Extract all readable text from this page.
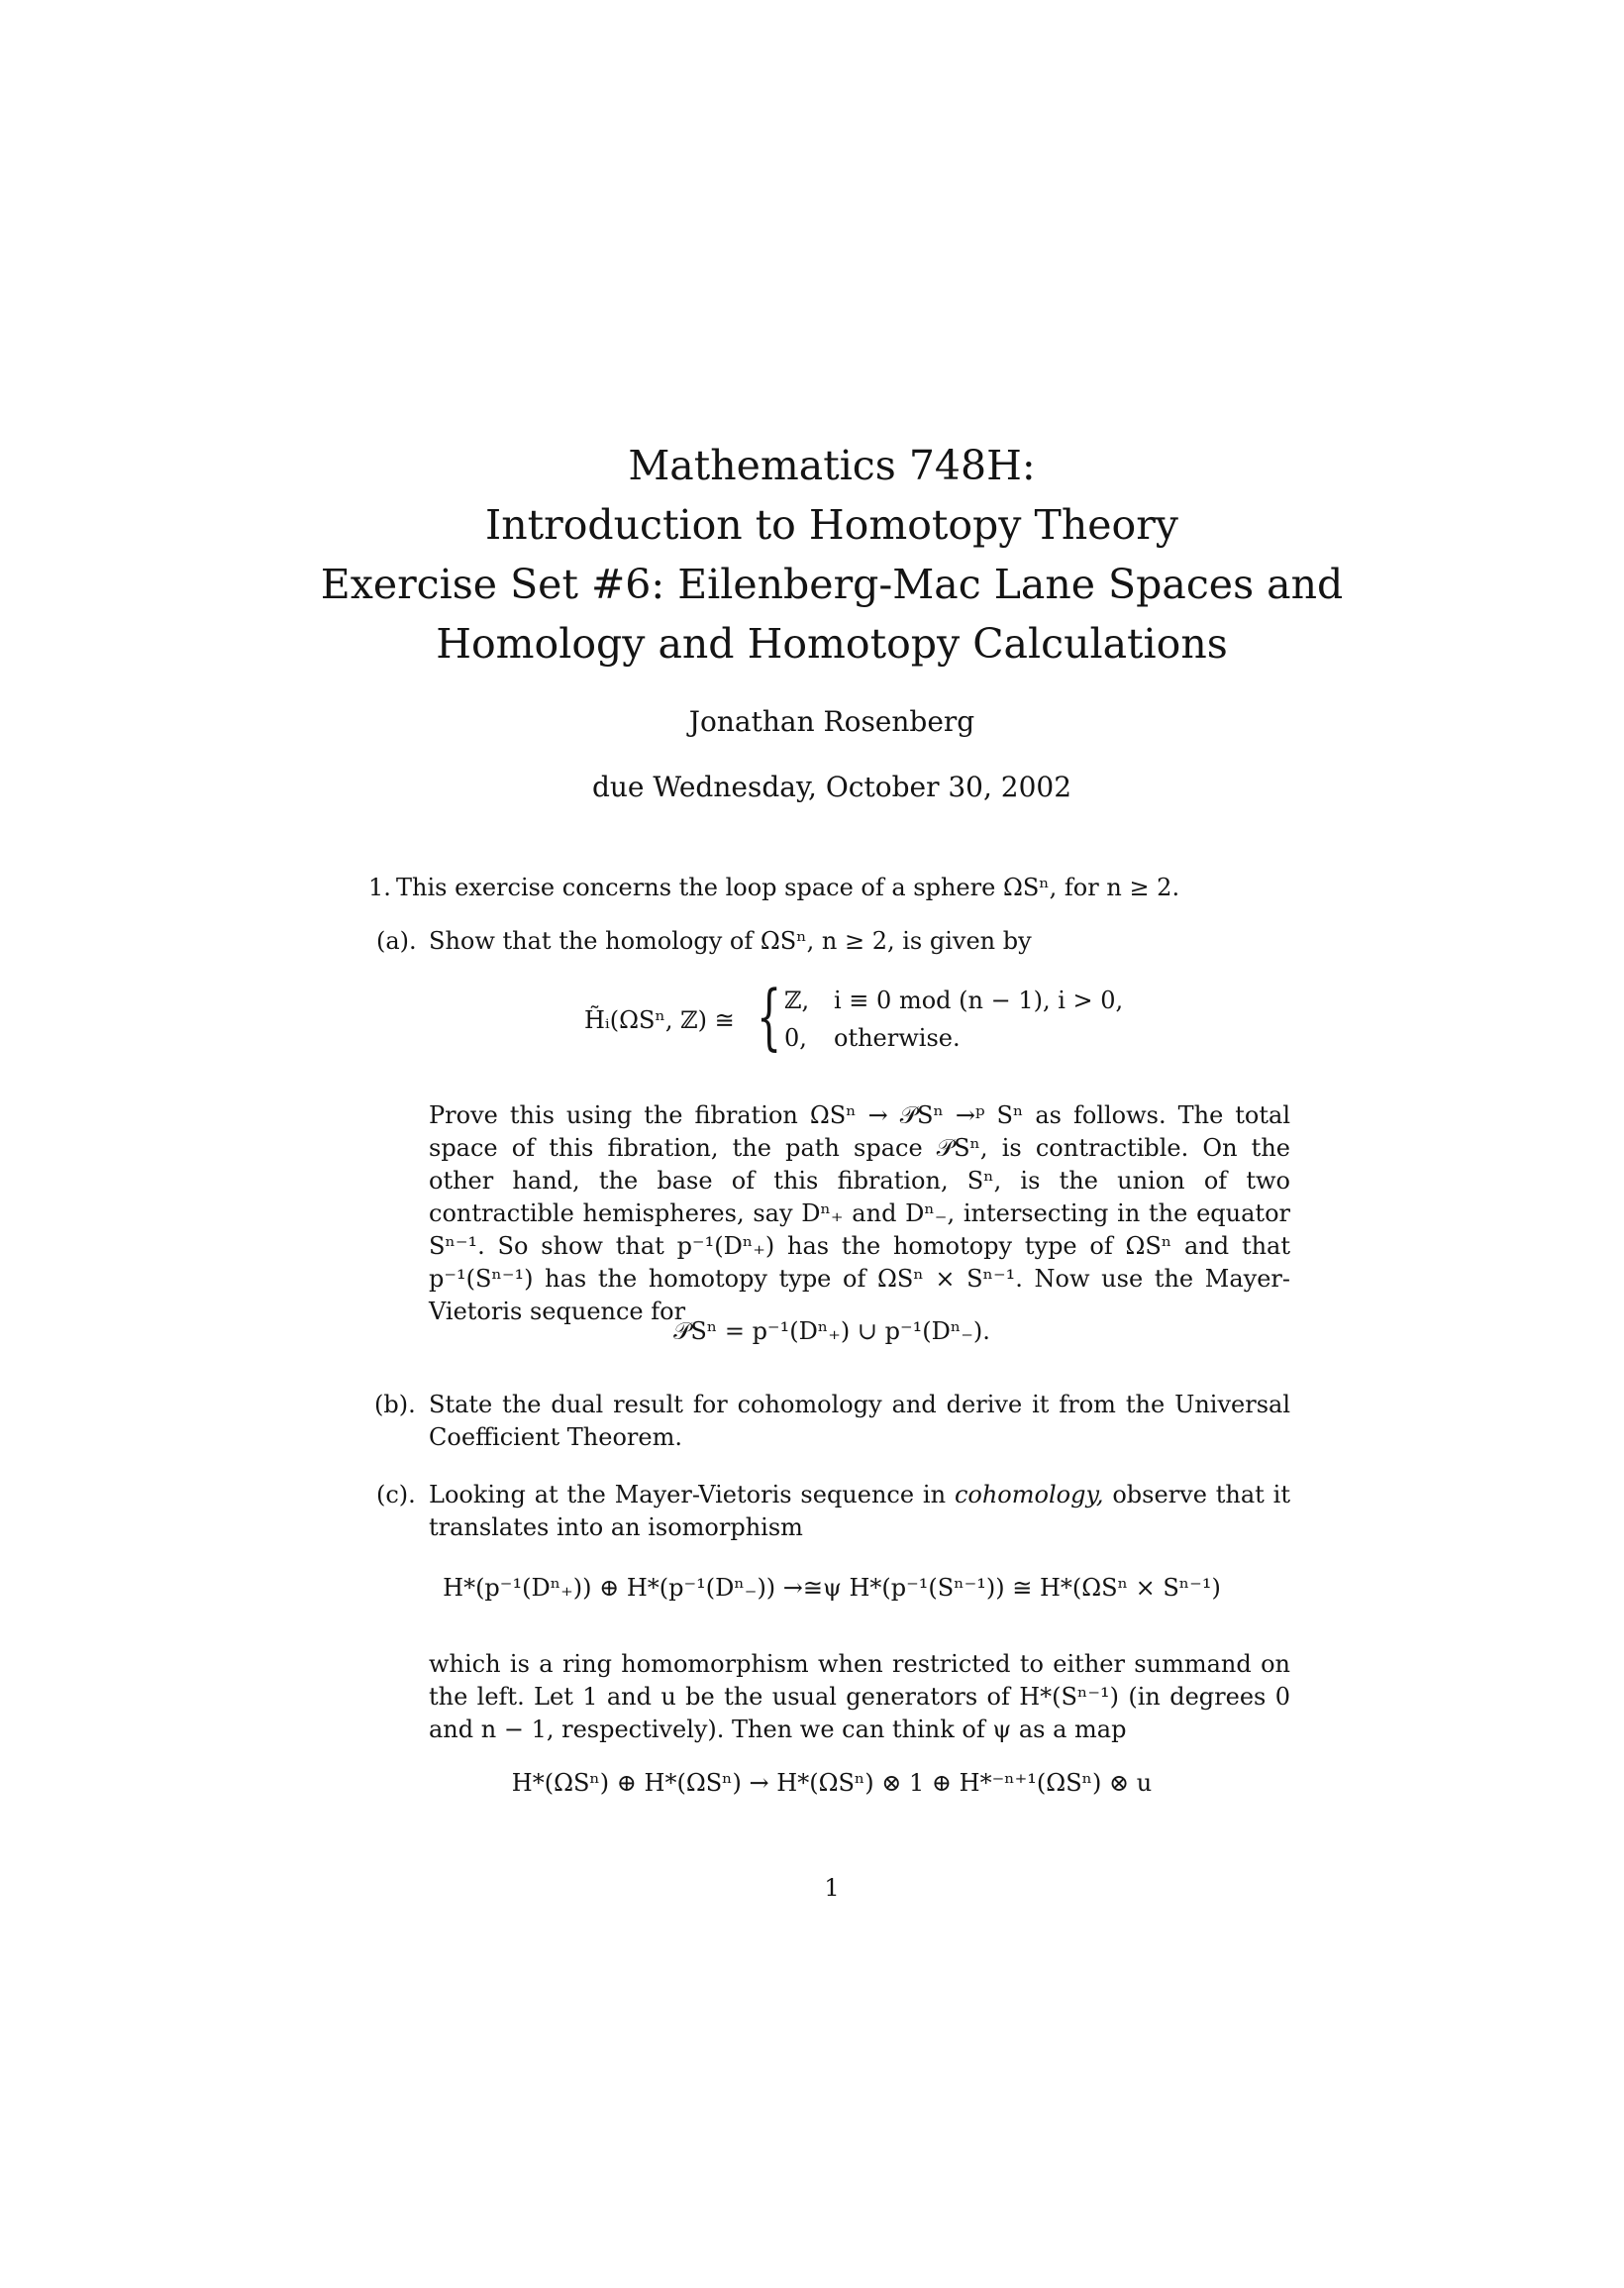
Mathematics 748H:
Introduction to Homotopy Theory
Exercise Set #6: Eilenberg-Mac Lane Spaces and
Homology and Homotopy Calculations
Jonathan Rosenberg
due Wednesday, October 30, 2002
1. This exercise concerns the loop space of a sphere ΩSⁿ, for n ≥ 2.
(a). Show that the homology of ΩSⁿ, n ≥ 2, is given by
H̃ᵢ(ΩSⁿ, ℤ) ≅ { ℤ, i ≡ 0 mod (n − 1), i > 0,
0, otherwise.
Prove this using the fibration ΩSⁿ → 𝒫Sⁿ →ᵖ Sⁿ as follows. The total space of this fibration, the path space 𝒫Sⁿ, is contractible. On the other hand, the base of this fibration, Sⁿ, is the union of two contractible hemispheres, say Dⁿ₊ and Dⁿ₋, intersecting in the equator Sⁿ⁻¹. So show that p⁻¹(Dⁿ₊) has the homotopy type of ΩSⁿ and that p⁻¹(Sⁿ⁻¹) has the homotopy type of ΩSⁿ × Sⁿ⁻¹. Now use the Mayer-Vietoris sequence for
𝒫Sⁿ = p⁻¹(Dⁿ₊) ∪ p⁻¹(Dⁿ₋).
(b). State the dual result for cohomology and derive it from the Universal Coefficient Theorem.
(c). Looking at the Mayer-Vietoris sequence in cohomology, observe that it translates into an isomorphism
H*(p⁻¹(Dⁿ₊)) ⊕ H*(p⁻¹(Dⁿ₋)) →≅ψ H*(p⁻¹(Sⁿ⁻¹)) ≅ H*(ΩSⁿ × Sⁿ⁻¹)
which is a ring homomorphism when restricted to either summand on the left. Let 1 and u be the usual generators of H*(Sⁿ⁻¹) (in degrees 0 and n − 1, respectively). Then we can think of ψ as a map
H*(ΩSⁿ) ⊕ H*(ΩSⁿ) → H*(ΩSⁿ) ⊗ 1 ⊕ H*⁻ⁿ⁺¹(ΩSⁿ) ⊗ u
1
